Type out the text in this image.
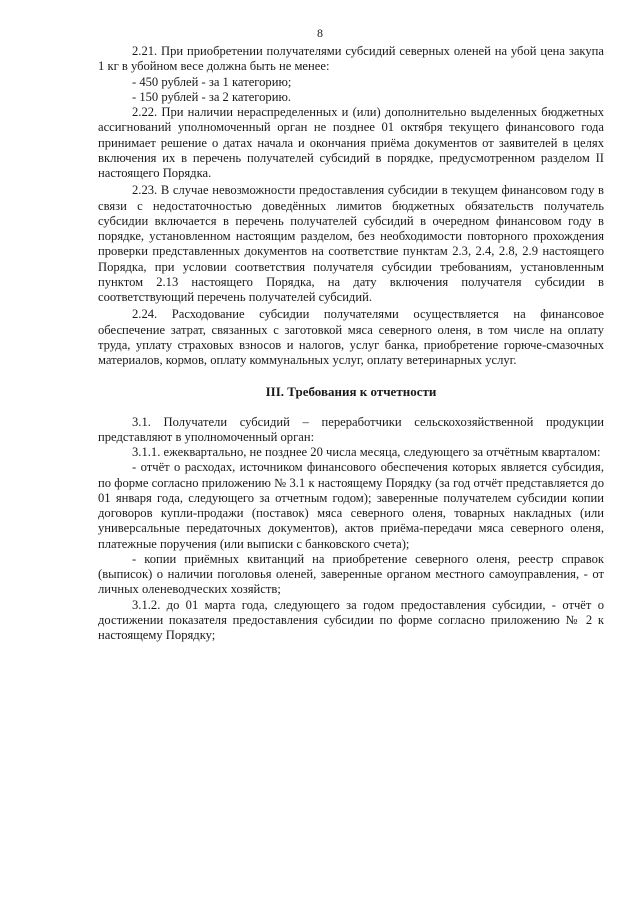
8

2.21. При приобретении получателями субсидий северных оленей на убой цена закупа 1 кг в убойном весе должна быть не менее:

- 450 рублей - за 1 категорию;

- 150 рублей - за 2 категорию.

2.22. При наличии нераспределенных и (или) дополнительно выделенных бюджетных ассигнований уполномоченный орган не позднее 01 октября текущего финансового года принимает решение о датах начала и окончания приёма документов от заявителей в целях включения их в перечень получателей субсидий в порядке, предусмотренном разделом II настоящего Порядка.

2.23. В случае невозможности предоставления субсидии в текущем финансовом году в связи с недостаточностью доведённых лимитов бюджетных обязательств получатель субсидии включается в перечень получателей субсидий в очередном финансовом году в порядке, установленном настоящим разделом, без необходимости повторного прохождения проверки представленных документов на соответствие пунктам 2.3, 2.4, 2.8, 2.9 настоящего Порядка, при условии соответствия получателя субсидии требованиям, установленным пунктом 2.13 настоящего Порядка, на дату включения получателя субсидии в соответствующий перечень получателей субсидий.

2.24. Расходование субсидии получателями осуществляется на финансовое обеспечение затрат, связанных с заготовкой мяса северного оленя, в том числе на оплату труда, уплату страховых взносов и налогов, услуг банка, приобретение горюче-смазочных материалов, кормов, оплату коммунальных услуг, оплату ветеринарных услуг.

III. Требования к отчетности

3.1. Получатели субсидий – переработчики сельскохозяйственной продукции представляют в уполномоченный орган:

3.1.1. ежеквартально, не позднее 20 числа месяца, следующего за отчётным кварталом:

- отчёт о расходах, источником финансового обеспечения которых является субсидия, по форме согласно приложению № 3.1 к настоящему Порядку (за год отчёт представляется до 01 января года, следующего за отчетным годом); заверенные получателем субсидии копии договоров купли-продажи (поставок) мяса северного оленя, товарных накладных (или универсальные передаточных документов), актов приёма-передачи мяса северного оленя, платежные поручения (или выписки с банковского счета);

- копии приёмных квитанций на приобретение северного оленя, реестр справок (выписок) о наличии поголовья оленей, заверенные органом местного самоуправления, - от личных оленеводческих хозяйств;

3.1.2. до 01 марта года, следующего за годом предоставления субсидии, - отчёт о достижении показателя предоставления субсидии по форме согласно приложению № 2 к настоящему Порядку;
